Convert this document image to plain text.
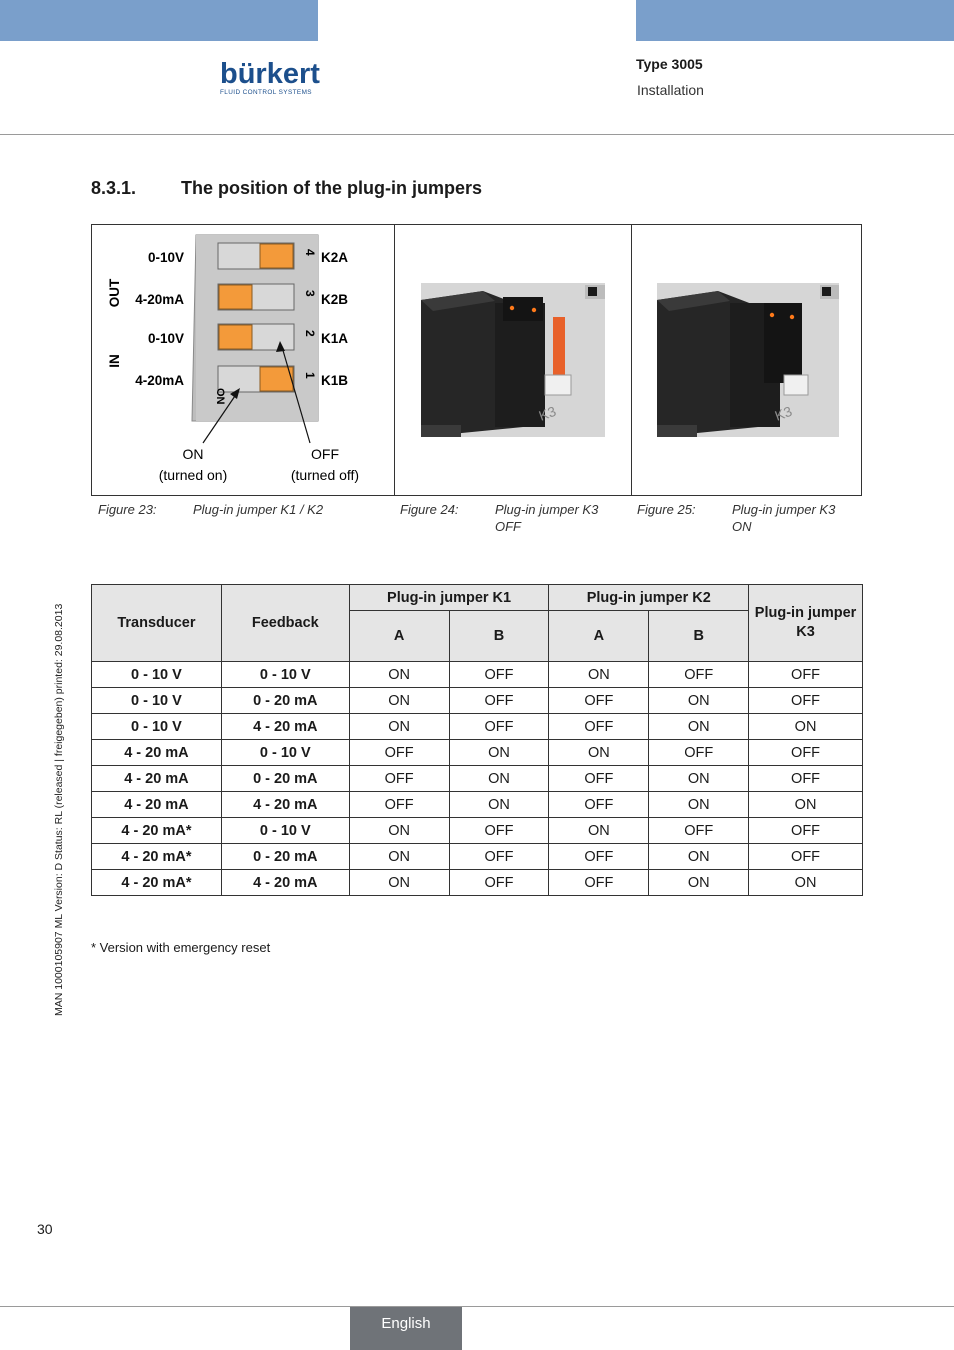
bürkert
FLUID CONTROL SYSTEMS
Type 3005
Installation
8.3.1. The position of the plug-in jumpers
ON
4
3
2
1
0-10V
4-20mA
0-10V
4-20mA
OUT
IN
K2A
K2B
K1A
K1B
ON
(turned on)
OFF
(turned off)
K3	K3
Figure 23:	Plug-in jumper K1 / K2	Figure 24:	Plug-in jumper K3 OFF
Figure 25:	Plug-in jumper K3 ON
Transducer	Feedback	Plug-in jumper K1		Plug-in jumper K2		Plug-in jumper K3
		A	B	A	B	
0 - 10 V	0 - 10 V	ON	OFF	ON	OFF	OFF
0 - 10 V	0 - 20 mA	ON	OFF	OFF	ON	OFF
0 - 10 V	4 - 20 mA	ON	OFF	OFF	ON	ON
4 - 20 mA	0 - 10 V	OFF	ON	ON	OFF	OFF
4 - 20 mA	0 - 20 mA	OFF	ON	OFF	ON	OFF
4 - 20 mA	4 - 20 mA	OFF	ON	OFF	ON	ON
4 - 20 mA*	0 - 10 V	ON	OFF	ON	OFF	OFF
4 - 20 mA*	0 - 20 mA	ON	OFF	OFF	ON	OFF
4 - 20 mA*	4 - 20 mA	ON	OFF	OFF	ON	ON
* Version with emergency reset
MAN 1000105907 ML Version: D Status: RL (released | freigegeben) printed: 29.08.2013
30
English
